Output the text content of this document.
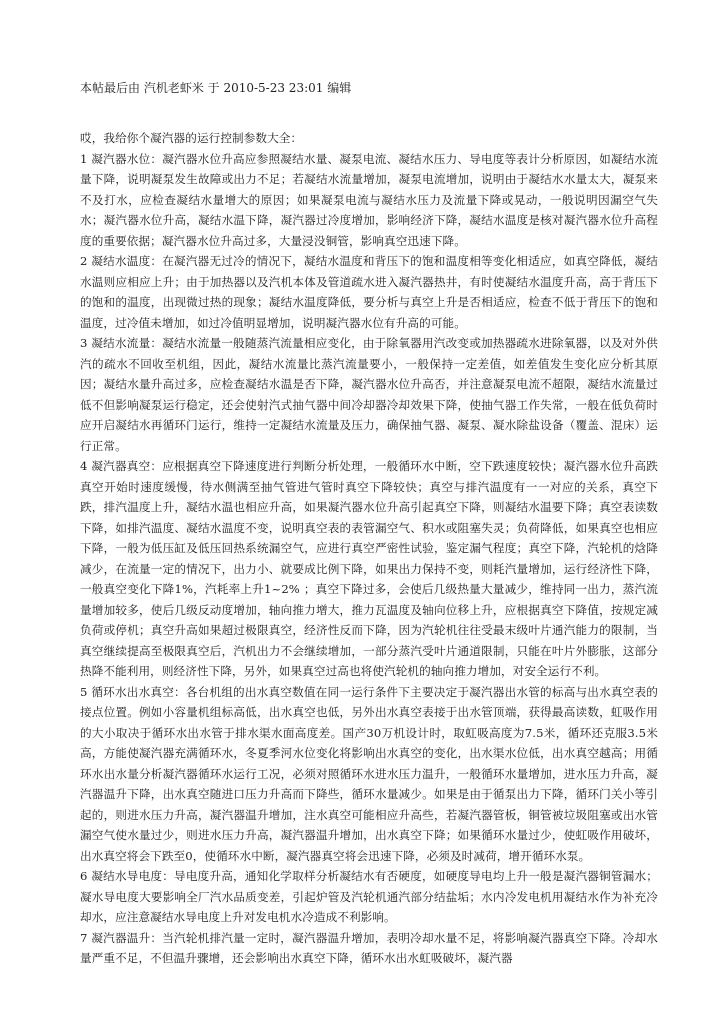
本帖最后由 汽机老虾米 于 2010-5-23 23:01 编辑

哎，我给你个凝汽器的运行控制参数大全：

1 凝汽器水位：凝汽器水位升高应参照凝结水量、凝泵电流、凝结水压力、导电度等表计分析原因，如凝结水流量下降，说明凝泵发生故障或出力不足；若凝结水流量增加，凝泵电流增加，说明由于凝结水水量太大，凝泵来不及打水，应检查凝结水量增大的原因；如果凝泵电流与凝结水压力及流量下降或晃动，一般说明因漏空气失水；凝汽器水位升高，凝结水温下降，凝汽器过冷度增加，影响经济下降，凝结水温度是核对凝汽器水位升高程度的重要依据；凝汽器水位升高过多，大量浸没铜管，影响真空迅速下降。

2 凝结水温度：在凝汽器无过冷的情况下，凝结水温度和背压下的饱和温度相等变化相适应，如真空降低，凝结水温则应相应上升；由于加热器以及汽机本体及管道疏水进入凝汽器热井，有时使凝结水温度升高，高于背压下的饱和的温度，出现微过热的现象；凝结水温度降低，要分析与真空上升是否相适应，检查不低于背压下的饱和温度，过冷值未增加，如过冷值明显增加，说明凝汽器水位有升高的可能。

3 凝结水流量：凝结水流量一般随蒸汽流量相应变化，由于除氧器用汽改变或加热器疏水进除氧器，以及对外供汽的疏水不回收至机组，因此，凝结水流量比蒸汽流量要小，一般保持一定差值，如差值发生变化应分析其原因；凝结水量升高过多，应检查凝结水温是否下降，凝汽器水位升高否，并注意凝泵电流不超限，凝结水流量过低不但影响凝泵运行稳定，还会使射汽式抽气器中间冷却器冷却效果下降，使抽气器工作失常，一般在低负荷时应开启凝结水再循环门运行，维持一定凝结水流量及压力，确保抽气器、凝泵、凝水除盐设备（覆盖、混床）运行正常。

4 凝汽器真空：应根据真空下降速度进行判断分析处理，一般循环水中断，空下跌速度较快；凝汽器水位升高跌真空开始时速度缓慢，待水侧满至抽气管进气管时真空下降较快；真空与排汽温度有一一对应的关系，真空下跌，排汽温度上升，凝结水温也相应升高，如果凝汽器水位升高引起真空下降，则凝结水温要下降；真空表读数下降，如排汽温度、凝结水温度不变，说明真空表的表管漏空气、积水或阻塞失灵；负荷降低，如果真空也相应下降，一般为低压缸及低压回热系统漏空气，应进行真空严密性试验，鉴定漏气程度；真空下降，汽轮机的焓降减少，在流量一定的情况下，出力小、就要成比例下降，如果出力保持不变，则耗汽量增加，运行经济性下降，一般真空变化下降1%，汽耗率上升1~2% ；真空下降过多，会使后几级热量大量减少，维持同一出力，蒸汽流量增加较多，使后几级反动度增加，轴向推力增大，推力瓦温度及轴向位移上升，应根据真空下降值，按规定减负荷或停机；真空升高如果超过极限真空，经济性反而下降，因为汽轮机往往受最末级叶片通汽能力的限制，当真空继续提高至极限真空后，汽机出力不会继续增加，一部分蒸汽受叶片通道限制，只能在叶片外膨胀，这部分热降不能利用，则经济性下降，另外，如果真空过高也将使汽轮机的轴向推力增加，对安全运行不利。

5 循环水出水真空：各台机组的出水真空数值在同一运行条件下主要决定于凝汽器出水管的标高与出水真空表的接点位置。例如小容量机组标高低，出水真空也低，另外出水真空表接于出水管顶端，获得最高读数，虹吸作用的大小取决于循环水出水管于排水渠水面高度差。国产30万机设计时，取虹吸高度为7.5米，循环还克服3.5米高，方能使凝汽器充满循环水，冬夏季河水位变化将影响出水真空的变化，出水渠水位低，出水真空越高；用循环水出水量分析凝汽器循环水运行工况，必须对照循环水进水压力温升，一般循环水量增加，进水压力升高，凝汽器温升下降，出水真空随进口压力升高而下降些，循环水量减少。如果是由于循泵出力下降，循环门关小等引起的，则进水压力升高，凝汽器温升增加，注水真空可能相应升高些，若凝汽器管板，铜管被垃圾阻塞或出水管漏空气使水量过少，则进水压力升高，凝汽器温升增加，出水真空下降；如果循环水量过少，使虹吸作用破坏，出水真空将会下跌至0，使循环水中断，凝汽器真空将会迅速下降，必须及时减荷，增开循环水泵。

6 凝结水导电度：导电度升高，通知化学取样分析凝结水有否硬度，如硬度导电均上升一般是凝汽器铜管漏水；凝水导电度大要影响全厂汽水品质变差，引起炉管及汽轮机通汽部分结盐垢；水内冷发电机用凝结水作为补充冷却水，应注意凝结水导电度上升对发电机水冷造成不利影响。

7 凝汽器温升：当汽轮机排汽量一定时，凝汽器温升增加，表明冷却水量不足，将影响凝汽器真空下降。冷却水量严重不足，不但温升骤增，还会影响出水真空下降，循环水出水虹吸破坏，凝汽器
